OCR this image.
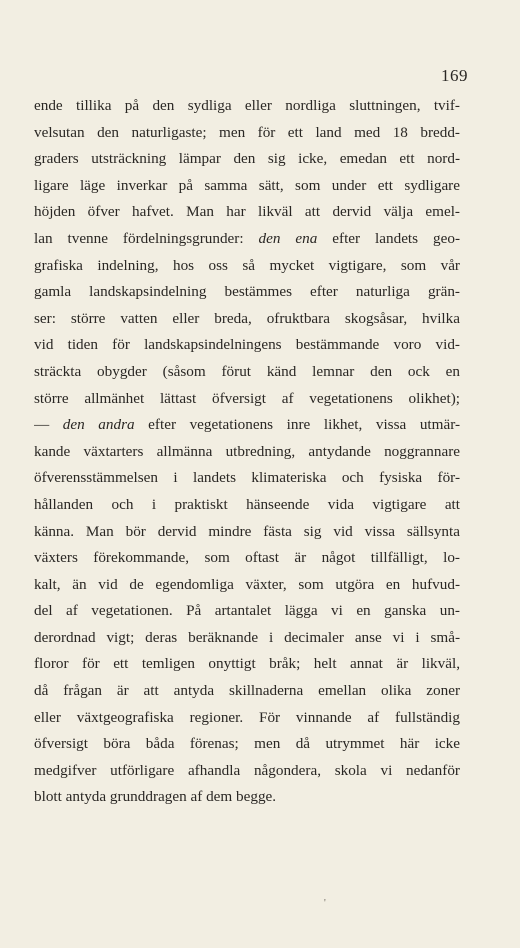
169
ende tillika på den sydliga eller nordliga sluttningen, tvif-
velsutan den naturligaste; men för ett land med 18 bredd-
graders utsträckning lämpar den sig icke, emedan ett nord-
ligare läge inverkar på samma sätt, som under ett sydligare
höjden öfver hafvet. Man har likväl att dervid välja emel-
lan tvenne fördelningsgrunder: den ena efter landets geo-
grafiska indelning, hos oss så mycket vigtigare, som vår
gamla landskapsindelning bestämmes efter naturliga grän-
ser: större vatten eller breda, ofruktbara skogsåsar, hvilka
vid tiden för landskapsindelningens bestämmande voro vid-
sträckta obygder (såsom förut känd lemnar den ock en
större allmänhet lättast öfversigt af vegetationens olikhet);
— den andra efter vegetationens inre likhet, vissa utmär-
kande växtarters allmänna utbredning, antydande noggrannare
öfverensstämmelsen i landets klimateriska och fysiska för-
hållanden och i praktiskt hänseende vida vigtigare att
känna. Man bör dervid mindre fästa sig vid vissa sällsynta
växters förekommande, som oftast är något tillfälligt, lo-
kalt, än vid de egendomliga växter, som utgöra en hufvud-
del af vegetationen. På artantalet lägga vi en ganska un-
derordnad vigt; deras beräknande i decimaler anse vi i små-
floror för ett temligen onyttigt bråk; helt annat är likväl,
då frågan är att antyda skillnaderna emellan olika zoner
eller växtgeografiska regioner. För vinnande af fullständig
öfversigt böra båda förenas; men då utrymmet här icke
medgifver utförligare afhandla någondera, skola vi nedanför
blott antyda grunddragen af dem begge.
'
